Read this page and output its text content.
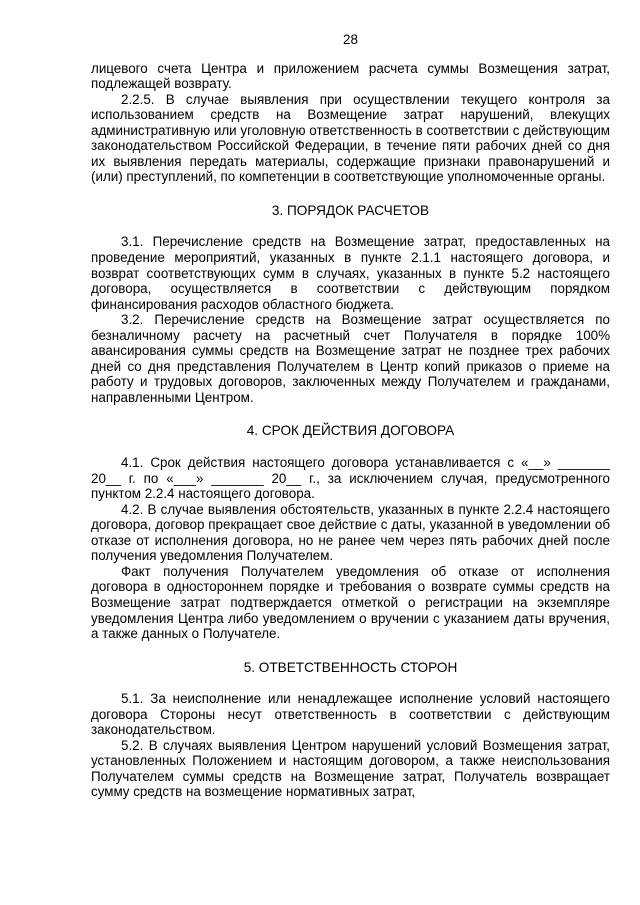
28

лицевого счета Центра и приложением расчета суммы Возмещения затрат, подлежащей возврату.

2.2.5. В случае выявления при осуществлении текущего контроля за использованием средств на Возмещение затрат нарушений, влекущих административную или уголовную ответственность в соответствии с действующим законодательством Российской Федерации, в течение пяти рабочих дней со дня их выявления передать материалы, содержащие признаки правонарушений и (или) преступлений, по компетенции в соответствующие уполномоченные органы.

3. ПОРЯДОК РАСЧЕТОВ

3.1. Перечисление средств на Возмещение затрат, предоставленных на проведение мероприятий, указанных в пункте 2.1.1 настоящего договора, и возврат соответствующих сумм в случаях, указанных в пункте 5.2 настоящего договора, осуществляется в соответствии с действующим порядком финансирования расходов областного бюджета.

3.2. Перечисление средств на Возмещение затрат осуществляется по безналичному расчету на расчетный счет Получателя в порядке 100% авансирования суммы средств на Возмещение затрат не позднее трех рабочих дней со дня представления Получателем в Центр копий приказов о приеме на работу и трудовых договоров, заключенных между Получателем и гражданами, направленными Центром.

4. СРОК ДЕЙСТВИЯ ДОГОВОРА

4.1. Срок действия настоящего договора устанавливается с «__» _______ 20__ г. по «___» _______ 20__ г., за исключением случая, предусмотренного пунктом 2.2.4 настоящего договора.

4.2. В случае выявления обстоятельств, указанных в пункте 2.2.4 настоящего договора, договор прекращает свое действие с даты, указанной в уведомлении об отказе от исполнения договора, но не ранее чем через пять рабочих дней после получения уведомления Получателем.

Факт получения Получателем уведомления об отказе от исполнения договора в одностороннем порядке и требования о возврате суммы средств на Возмещение затрат подтверждается отметкой о регистрации на экземпляре уведомления Центра либо уведомлением о вручении с указанием даты вручения, а также данных о Получателе.

5. ОТВЕТСТВЕННОСТЬ СТОРОН

5.1. За неисполнение или ненадлежащее исполнение условий настоящего договора Стороны несут ответственность в соответствии с действующим законодательством.

5.2. В случаях выявления Центром нарушений условий Возмещения затрат, установленных Положением и настоящим договором, а также неиспользования Получателем суммы средств на Возмещение затрат, Получатель возвращает сумму средств на возмещение нормативных затрат,
